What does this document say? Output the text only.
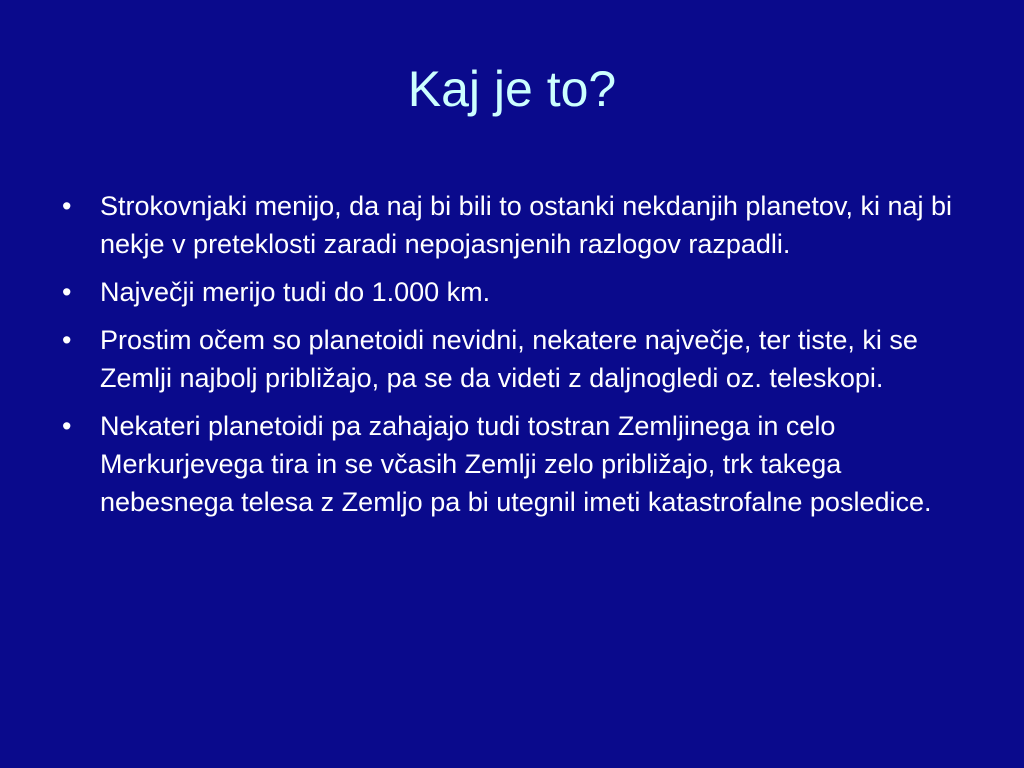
Kaj je to?
•	Strokovnjaki menijo, da naj bi bili to ostanki nekdanjih planetov, ki naj bi nekje v preteklosti zaradi nepojasnjenih razlogov razpadli.
•	Največji merijo tudi do 1.000 km.
•	Prostim očem so planetoidi nevidni, nekatere največje, ter tiste, ki se Zemlji najbolj približajo, pa se da videti z daljnogledi oz. teleskopi.
•	Nekateri planetoidi pa zahajajo tudi tostran Zemljinega in celo Merkurjevega tira in se včasih Zemlji zelo približajo, trk takega nebesnega telesa z Zemljo pa bi utegnil imeti katastrofalne posledice.
